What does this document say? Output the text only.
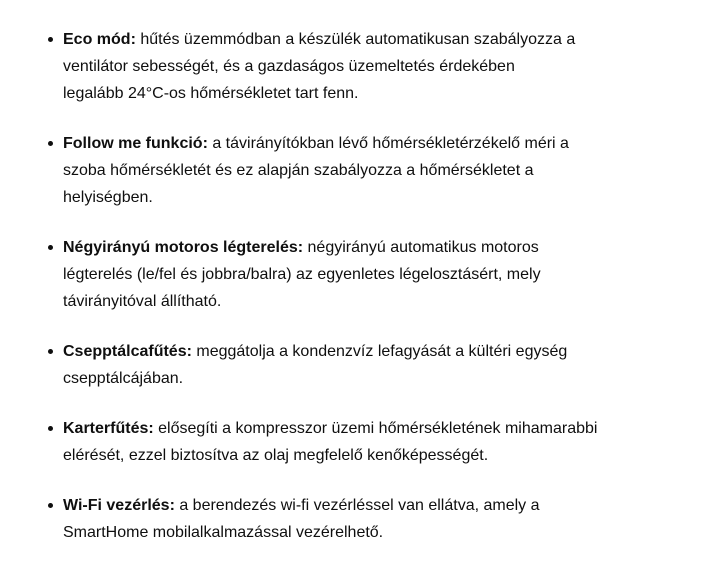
Eco mód: hűtés üzemmódban a készülék automatikusan szabályozza a
ventilátor sebességét, és a gazdaságos üzemeltetés érdekében
legalább 24°C-os hőmérsékletet tart fenn.
Follow me funkció: a távirányítókban lévő hőmérsékletérzékelő méri a
szoba hőmérsékletét és ez alapján szabályozza a hőmérsékletet a
helyiségben.
Négyirányú motoros légterelés: négyirányú automatikus motoros
légterelés (le/fel és jobbra/balra) az egyenletes légelosztásért, mely
távirányitóval állítható.
Csepptálcafűtés: meggátolja a kondenzvíz lefagyását a kültéri egység
csepptálcájában.
Karterfűtés: elősegíti a kompresszor üzemi hőmérsékletének mihamarabbi
elérését, ezzel biztosítva az olaj megfelelő kenőképességét.
Wi-Fi vezérlés: a berendezés wi-fi vezérléssel van ellátva, amely a
SmartHome mobilalkalmazással vezérelhető.
